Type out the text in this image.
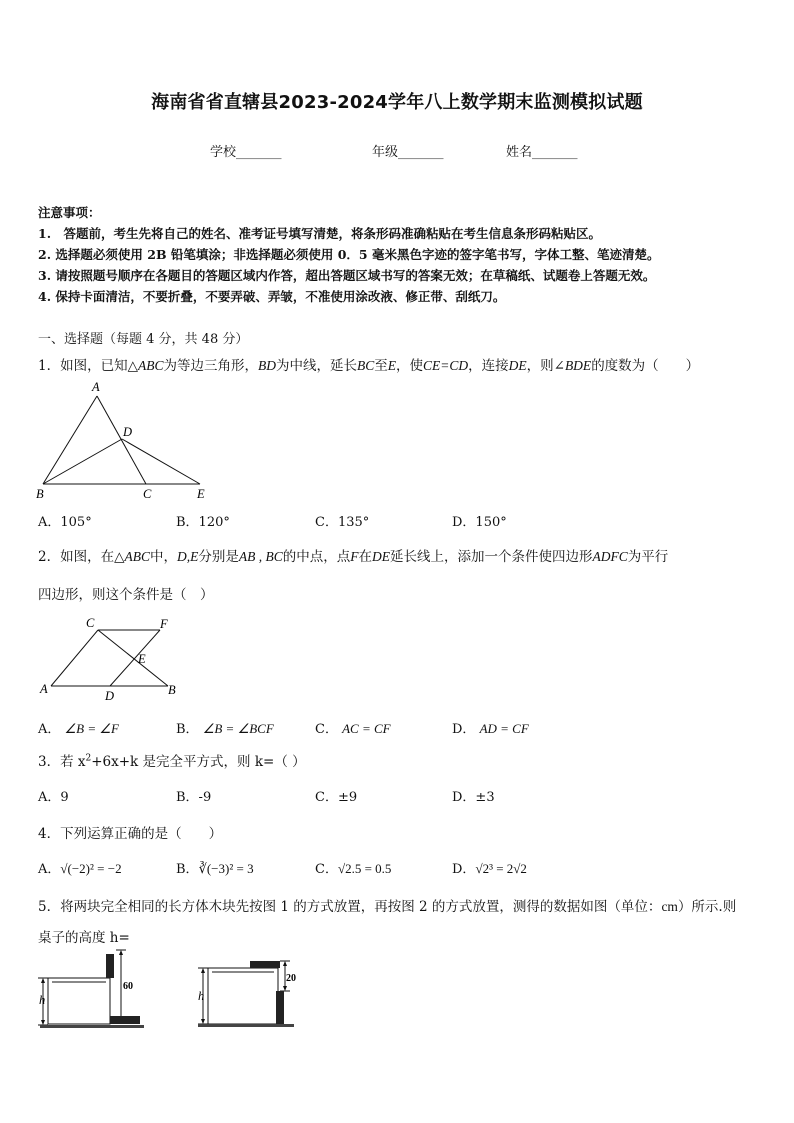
海南省省直辖县2023-2024学年八上数学期末监测模拟试题
学校_______	年级_______	姓名_______
注意事项：
1.　答题前，考生先将自己的姓名、准考证号填写清楚，将条形码准确粘贴在考生信息条形码粘贴区。
2. 选择题必须使用 2B 铅笔填涂；非选择题必须使用 0．5 毫米黑色字迹的签字笔书写，字体工整、笔迹清楚。
3. 请按照题号顺序在各题目的答题区域内作答，超出答题区域书写的答案无效；在草稿纸、试题卷上答题无效。
4. 保持卡面清洁，不要折叠，不要弄破、弄皱，不准使用涂改液、修正带、刮纸刀。
一、选择题（每题 4 分，共 48 分）
1．如图，已知△ABC为等边三角形，BD为中线，延长BC至E，使CE=CD，连接DE，则∠BDE的度数为（　　）
A
B	C
D
E
A．105°	B．120°	C．135°	D．150°
2．如图，在△ABC中，D,E分别是AB , BC的中点，点F在DE延长线上，添加一个条件使四边形ADFC为平行
四边形，则这个条件是（　）
C	F
E
A	D	B
A． ∠B = ∠F	B． ∠B = ∠BCF	C． AC = CF	D． AD = CF
3．若 $x^2+6x+k$ 是完全平方式，则 k=（ ）
A．9	B．-9	C．±9	D．±3
4．下列运算正确的是（　　）
A．√(−2)² = −2	B．∛(−3)² = 3	C．√2.5 = 0.5	D．√2³ = 2√2
5．将两块完全相同的长方体木块先按图 1 的方式放置，再按图 2 的方式放置，测得的数据如图（单位：cm）所示.则
桌子的高度 h=
h
60
h
20
